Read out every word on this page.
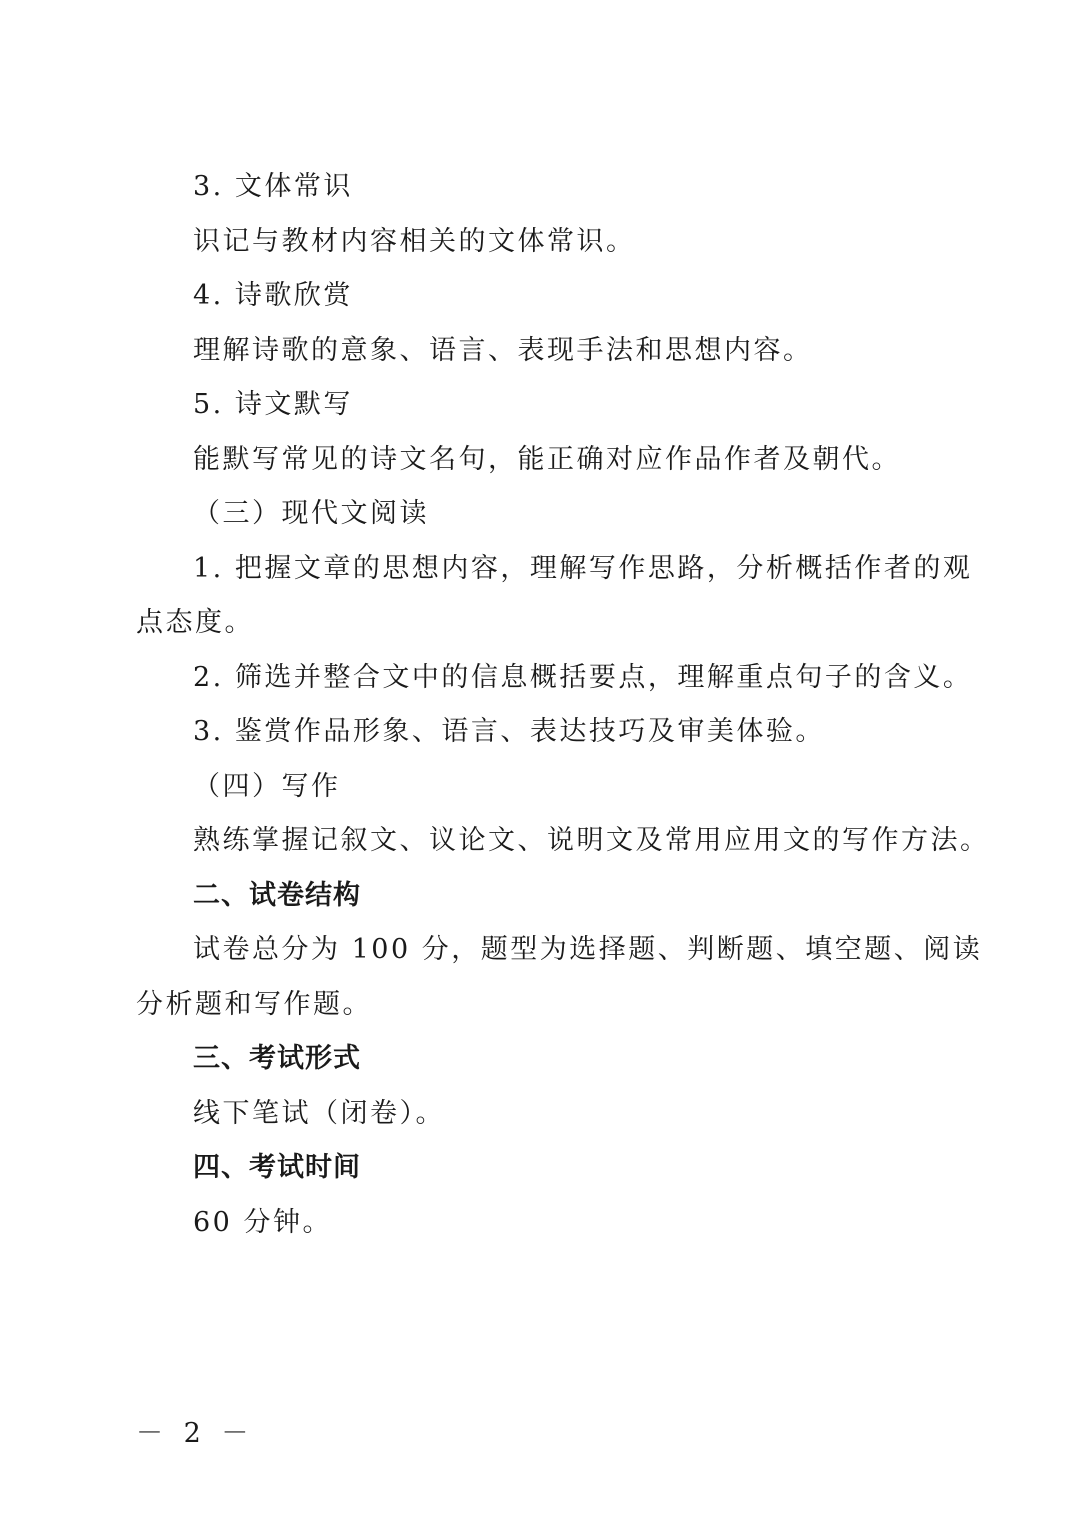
3. 文体常识
识记与教材内容相关的文体常识。
4. 诗歌欣赏
理解诗歌的意象、语言、表现手法和思想内容。
5. 诗文默写
能默写常见的诗文名句，能正确对应作品作者及朝代。
（三）现代文阅读
1. 把握文章的思想内容，理解写作思路，分析概括作者的观
点态度。
2. 筛选并整合文中的信息概括要点，理解重点句子的含义。
3. 鉴赏作品形象、语言、表达技巧及审美体验。
（四）写作
熟练掌握记叙文、议论文、说明文及常用应用文的写作方法。
二、试卷结构
试卷总分为 100 分，题型为选择题、判断题、填空题、阅读
分析题和写作题。
三、考试形式
线下笔试（闭卷）。
四、考试时间
60 分钟。
－ 2 －
